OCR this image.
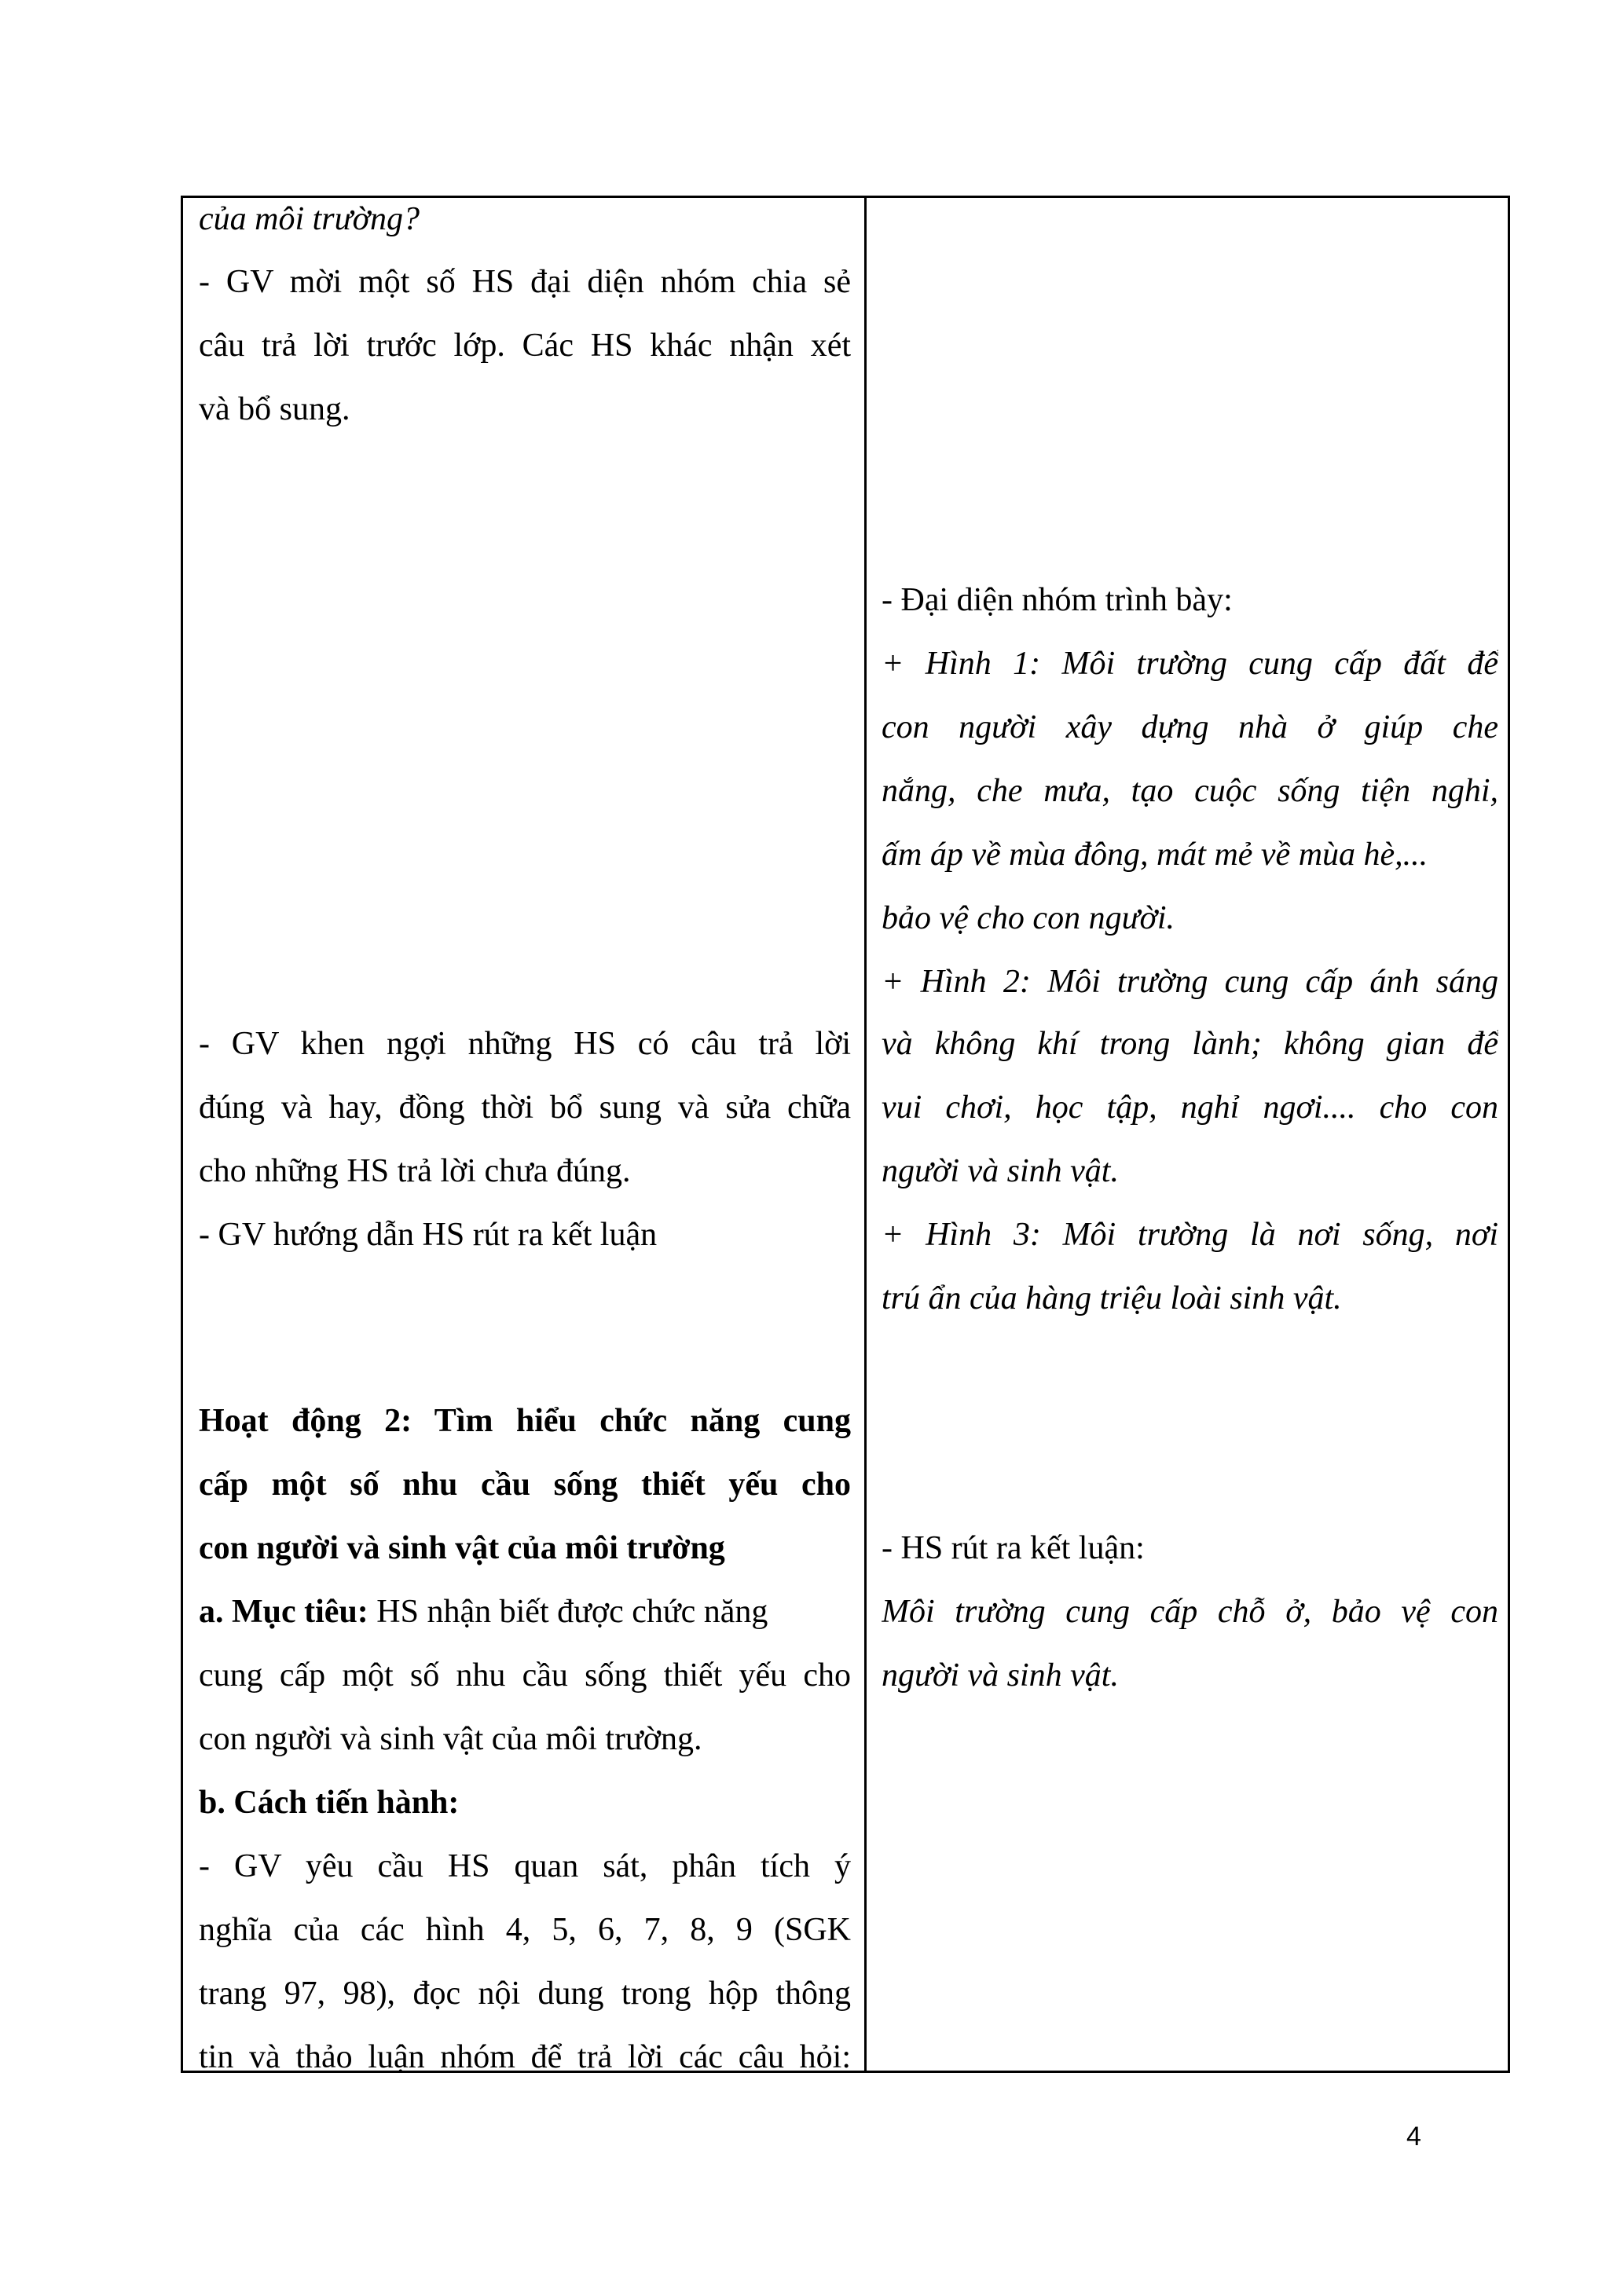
của môi trường?
- GV mời một số HS đại diện nhóm chia sẻ
câu trả lời trước lớp. Các HS khác nhận xét
và bổ sung.
- GV khen ngợi những HS có câu trả lời
đúng và hay, đồng thời bổ sung và sửa chữa
cho những HS trả lời chưa đúng.
- GV hướng dẫn HS rút ra kết luận
Hoạt động 2: Tìm hiểu chức năng cung
cấp một số nhu cầu sống thiết yếu cho
con người và sinh vật của môi trường
a. Mục tiêu: HS nhận biết được chức năng
cung cấp một số nhu cầu sống thiết yếu cho
con người và sinh vật của môi trường.
b. Cách tiến hành:
- GV yêu cầu HS quan sát, phân tích ý
nghĩa của các hình 4, 5, 6, 7, 8, 9 (SGK
trang 97, 98), đọc nội dung trong hộp thông
tin và thảo luận nhóm để trả lời các câu hỏi:
- Đại diện nhóm trình bày:
+ Hình 1: Môi trường cung cấp đất để
con người xây dựng nhà ở giúp che
nắng, che mưa, tạo cuộc sống tiện nghi,
ấm áp về mùa đông, mát mẻ về mùa hè,...
bảo vệ cho con người.
+ Hình 2: Môi trường cung cấp ánh sáng
và không khí trong lành; không gian để
vui chơi, học tập, nghỉ ngơi.... cho con
người và sinh vật.
+ Hình 3: Môi trường là nơi sống, nơi
trú ẩn của hàng triệu loài sinh vật.
- HS rút ra kết luận:
Môi trường cung cấp chỗ ở, bảo vệ con
người và sinh vật.
4
